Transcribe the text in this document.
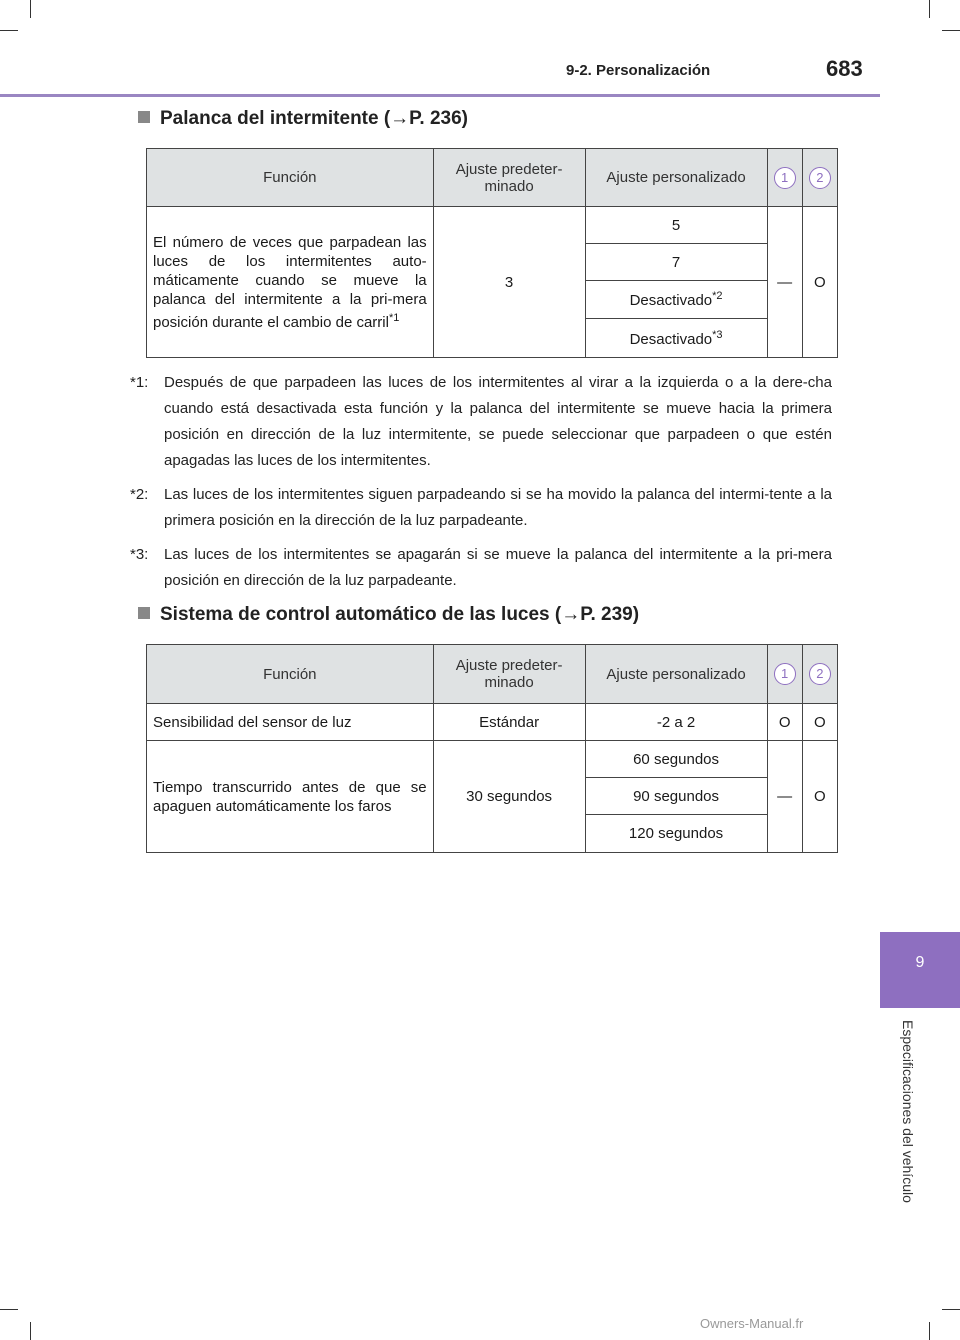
9-2. Personalización	683
9
Especificaciones del vehículo
Palanca del intermitente (→P. 236)
Función	Ajuste predeter-minado	Ajuste personalizado	1	2
El número de veces que parpadean las luces de los intermitentes auto-máticamente cuando se mueve la palanca del intermitente a la pri-mera posición durante el cambio de carril$^{*1}$	3	5	—	O
		7		
		Desactivado$^{*2}$
		Desactivado$^{*3}$
*1: Después de que parpadeen las luces de los intermitentes al virar a la izquierda o a la dere-cha cuando está desactivada esta función y la palanca del intermitente se mueve hacia la primera posición en dirección de la luz intermitente, se puede seleccionar que parpadeen o que estén apagadas las luces de los intermitentes.
*2: Las luces de los intermitentes siguen parpadeando si se ha movido la palanca del intermi-tente a la primera posición en la dirección de la luz parpadeante.
*3: Las luces de los intermitentes se apagarán si se mueve la palanca del intermitente a la pri-mera posición en dirección de la luz parpadeante.
Sistema de control automático de las luces (→P. 239)
Función	Ajuste predeter-minado	Ajuste personalizado	1	2
Sensibilidad del sensor de luz	Estándar	-2 a 2	O	O
Tiempo transcurrido antes de que se apaguen automáticamente los faros	30 segundos	60 segundos	—	O
		90 segundos		
		120 segundos		
Owners-Manual.fr
